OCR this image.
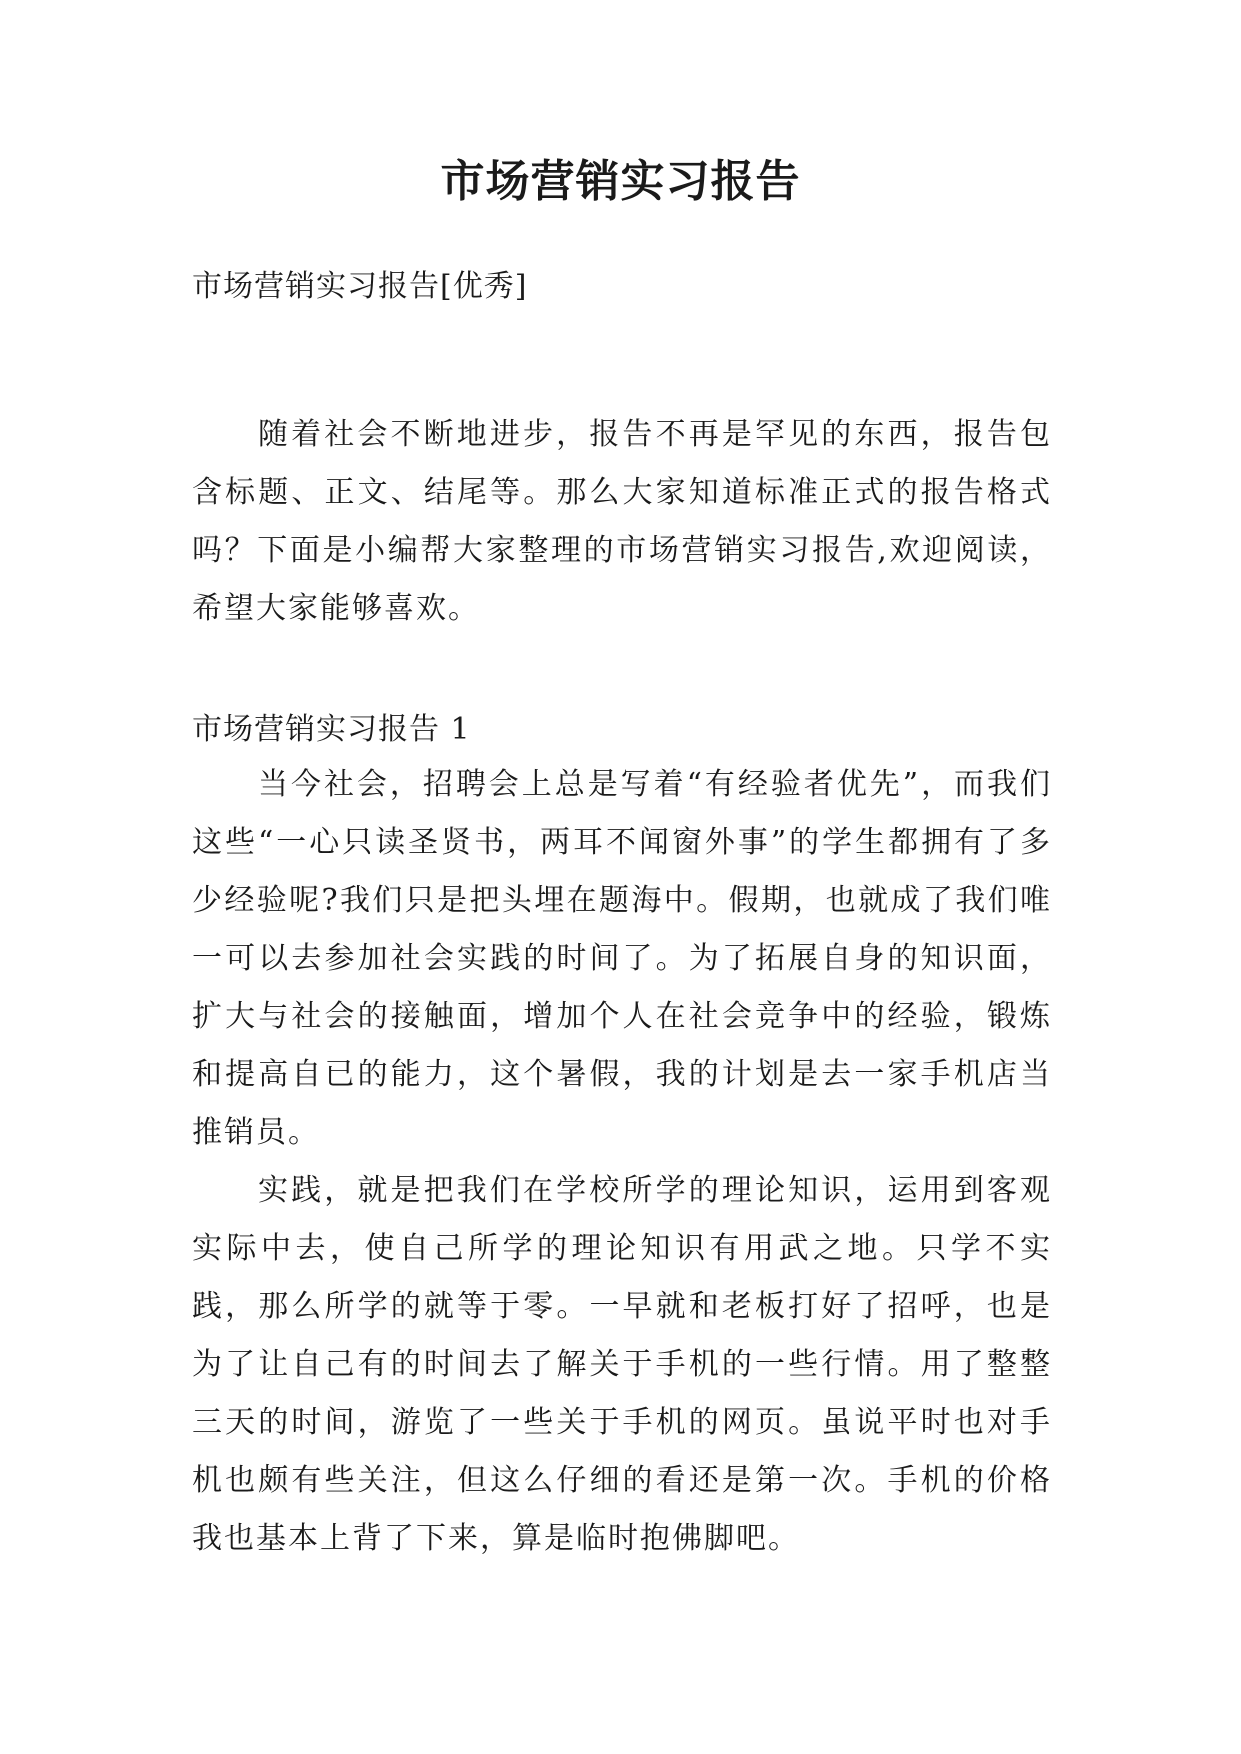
市场营销实习报告

市场营销实习报告[优秀]

随着社会不断地进步，报告不再是罕见的东西，报告包含标题、正文、结尾等。那么大家知道标准正式的报告格式吗？下面是小编帮大家整理的市场营销实习报告,欢迎阅读，希望大家能够喜欢。

市场营销实习报告 1

当今社会，招聘会上总是写着“有经验者优先”，而我们这些“一心只读圣贤书，两耳不闻窗外事”的学生都拥有了多少经验呢?我们只是把头埋在题海中。假期，也就成了我们唯一可以去参加社会实践的时间了。为了拓展自身的知识面，扩大与社会的接触面，增加个人在社会竞争中的经验，锻炼和提高自已的能力，这个暑假，我的计划是去一家手机店当推销员。

实践，就是把我们在学校所学的理论知识，运用到客观实际中去，使自己所学的理论知识有用武之地。只学不实践，那么所学的就等于零。一早就和老板打好了招呼，也是为了让自己有的时间去了解关于手机的一些行情。用了整整三天的时间，游览了一些关于手机的网页。虽说平时也对手机也颇有些关注，但这么仔细的看还是第一次。手机的价格我也基本上背了下来，算是临时抱佛脚吧。
